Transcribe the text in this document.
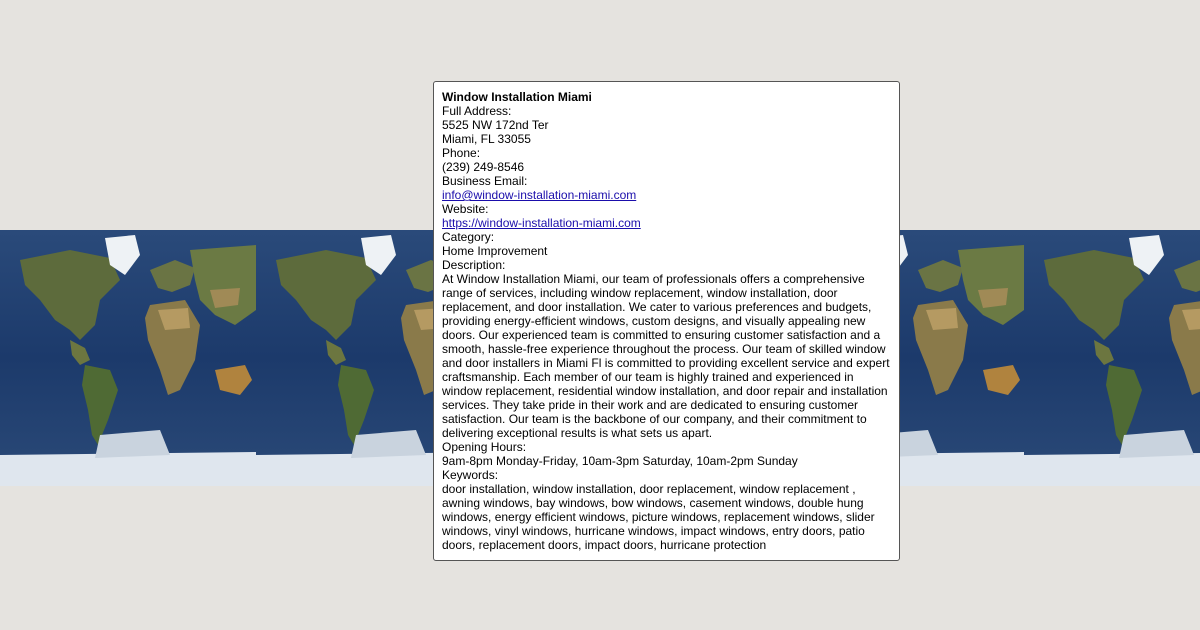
Window Installation Miami
Full Address:
5525 NW 172nd Ter
Miami, FL 33055
Phone:
(239) 249-8546
Business Email:
info@window-installation-miami.com
Website:
https://window-installation-miami.com
Category:
Home Improvement
Description:
At Window Installation Miami, our team of professionals offers a comprehensive range of services, including window replacement, window installation, door replacement, and door installation. We cater to various preferences and budgets, providing energy-efficient windows, custom designs, and visually appealing new doors. Our experienced team is committed to ensuring customer satisfaction and a smooth, hassle-free experience throughout the process. Our team of skilled window and door installers in Miami Fl is committed to providing excellent service and expert craftsmanship. Each member of our team is highly trained and experienced in window replacement, residential window installation, and door repair and installation services. They take pride in their work and are dedicated to ensuring customer satisfaction. Our team is the backbone of our company, and their commitment to delivering exceptional results is what sets us apart.
Opening Hours:
9am-8pm Monday-Friday, 10am-3pm Saturday, 10am-2pm Sunday
Keywords:
door installation, window installation, door replacement, window replacement , awning windows, bay windows, bow windows, casement windows, double hung windows, energy efficient windows, picture windows, replacement windows, slider windows, vinyl windows, hurricane windows, impact windows, entry doors, patio doors, replacement doors, impact doors, hurricane protection
